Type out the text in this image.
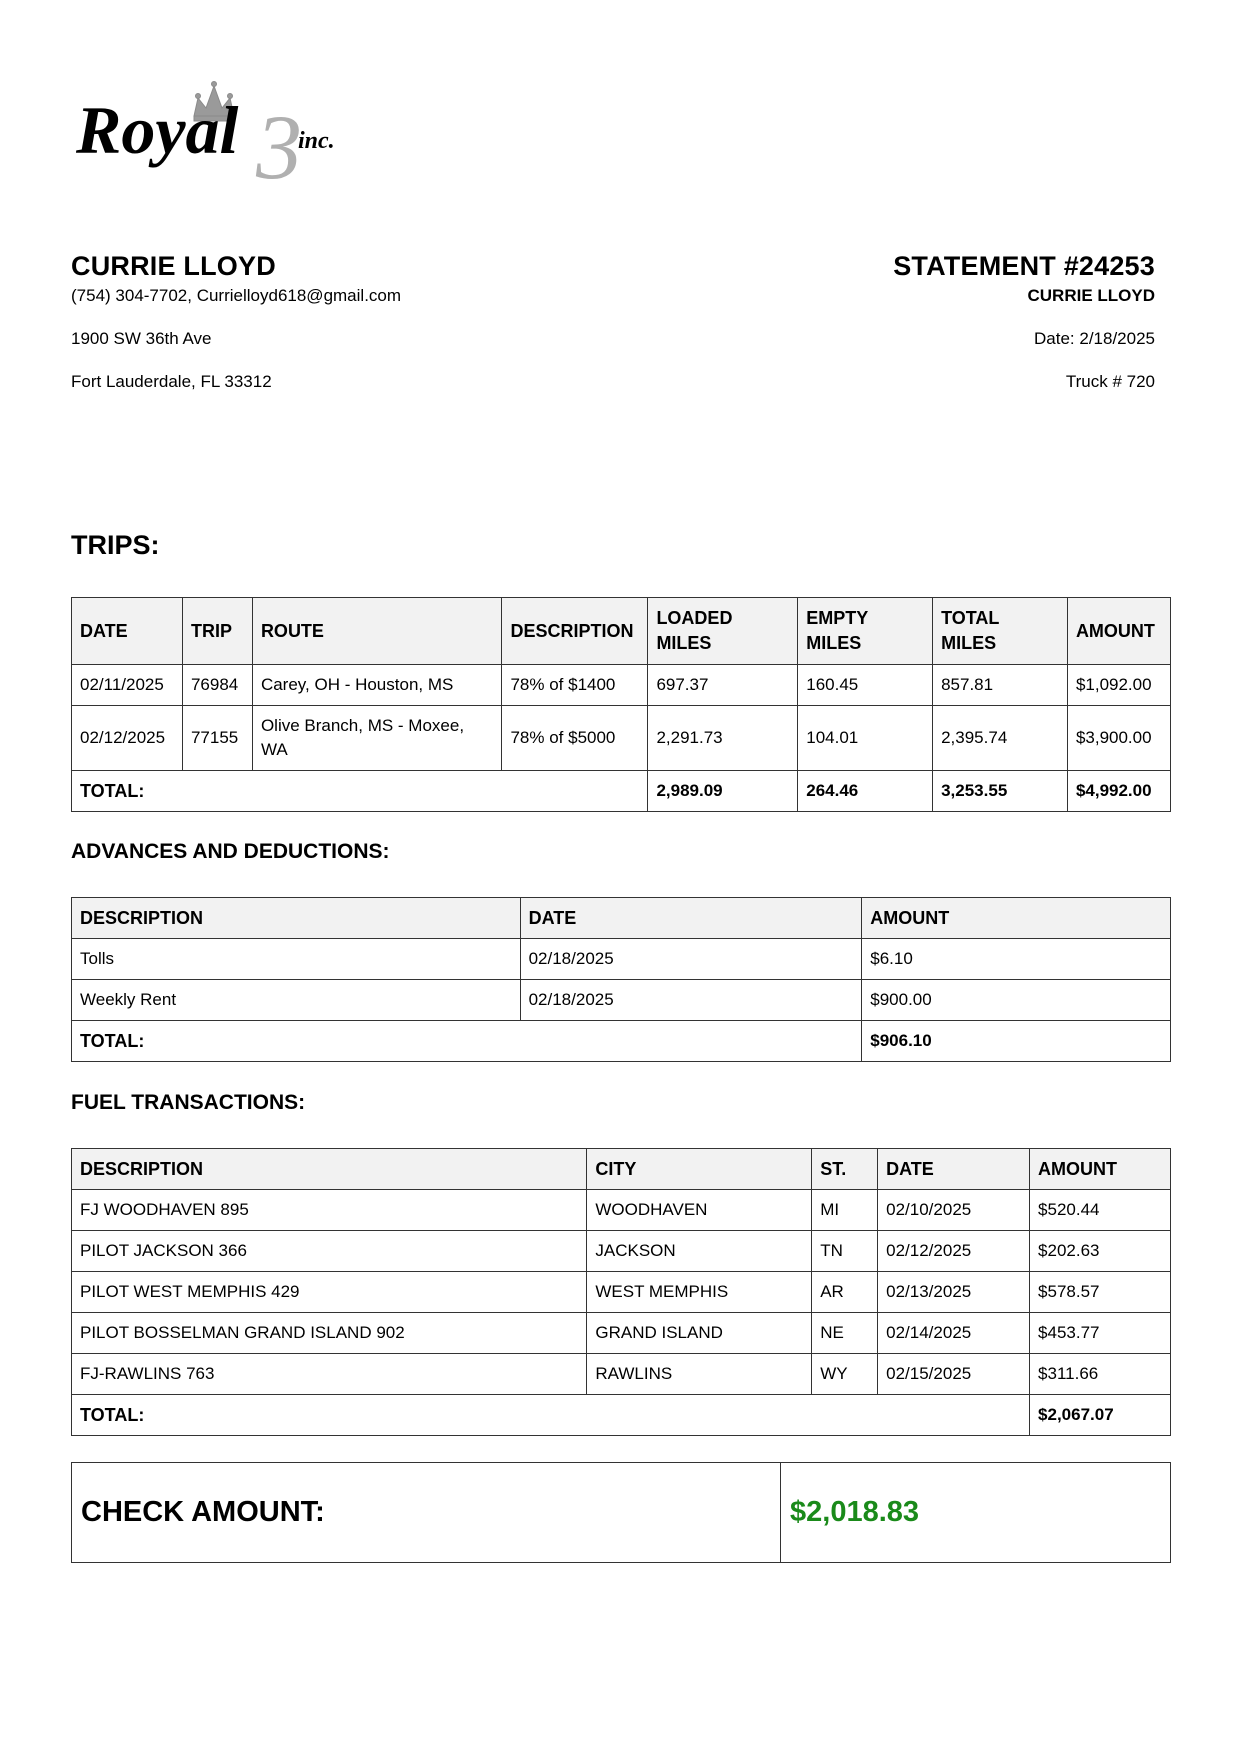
3
Royal inc.

CURRIE LLOYD

(754) 304-7702, Currielloyd618@gmail.com

1900 SW 36th Ave

Fort Lauderdale, FL 33312

STATEMENT #24253

CURRIE LLOYD

Date: 2/18/2025

Truck # 720

TRIPS:
DATE	TRIP	ROUTE	DESCRIPTION	LOADED MILES	EMPTY MILES	TOTAL MILES	AMOUNT
02/11/2025	76984	Carey, OH - Houston, MS	78% of $1400	697.37	160.45	857.81	$1,092.00
02/12/2025	77155	Olive Branch, MS - Moxee, WA	78% of $5000	2,291.73	104.01	2,395.74	$3,900.00
TOTAL:				2,989.09	264.46	3,253.55	$4,992.00
ADVANCES AND DEDUCTIONS:
DESCRIPTION	DATE	AMOUNT
Tolls	02/18/2025	$6.10
Weekly Rent	02/18/2025	$900.00
TOTAL:		$906.10
FUEL TRANSACTIONS:
DESCRIPTION	CITY	ST.	DATE	AMOUNT
FJ WOODHAVEN 895	WOODHAVEN	MI	02/10/2025	$520.44
PILOT JACKSON 366	JACKSON	TN	02/12/2025	$202.63
PILOT WEST MEMPHIS 429	WEST MEMPHIS	AR	02/13/2025	$578.57
PILOT BOSSELMAN GRAND ISLAND 902	GRAND ISLAND	NE	02/14/2025	$453.77
FJ-RAWLINS 763	RAWLINS	WY	02/15/2025	$311.66
TOTAL:				$2,067.07
CHECK AMOUNT:	$2,018.83
